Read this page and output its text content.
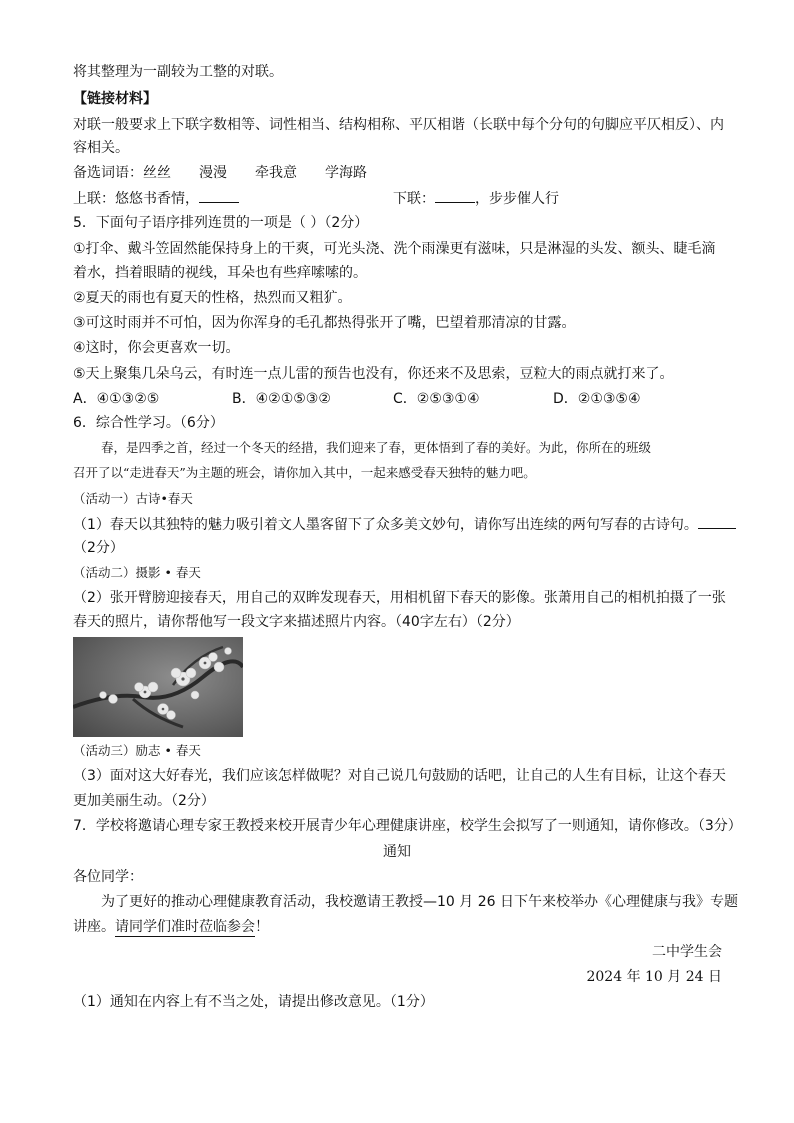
将其整理为一副较为工整的对联。
【链接材料】
对联一般要求上下联字数相等、词性相当、结构相称、平仄相谐（长联中每个分句的句脚应平仄相反）、内
容相关。
备选词语：丝丝 漫漫 牵我意 学海路
上联：悠悠书香情，	下联：	，步步催人行
5．下面句子语序排列连贯的一项是（ ）（2分）
①打伞、戴斗笠固然能保持身上的干爽，可光头浇、洗个雨澡更有滋味，只是淋湿的头发、额头、睫毛滴
着水，挡着眼睛的视线，耳朵也有些痒嗦嗦的。
②夏天的雨也有夏天的性格，热烈而又粗犷。
③可这时雨并不可怕，因为你浑身的毛孔都热得张开了嘴，巴望着那清凉的甘露。
④这时，你会更喜欢一切。
⑤天上聚集几朵乌云，有时连一点儿雷的预告也没有，你还来不及思索，豆粒大的雨点就打来了。
A．④①③②⑤	B．④②①⑤③②	C．②⑤③①④	D．②①③⑤④
6．综合性学习。（6分）
春，是四季之首，经过一个冬天的经措，我们迎来了春，更体悟到了春的美好。为此，你所在的班级
召开了以“走进春天”为主题的班会，请你加入其中，一起来感受春天独特的魅力吧。
（活动一）古诗•春天
（1）春天以其独特的魅力吸引着文人墨客留下了众多美文妙句，请你写出连续的两句写春的古诗句。
（2分）
（活动二）摄影 • 春天
（2）张开臂膀迎接春天，用自己的双眸发现春天，用相机留下春天的影像。张萧用自己的相机拍摄了一张
春天的照片，请你帮他写一段文字来描述照片内容。（40字左右）（2分）
（活动三）励志 • 春天
（3）面对这大好春光，我们应该怎样做呢？对自己说几句鼓励的话吧，让自己的人生有目标，让这个春天
更加美丽生动。（2分）
7．学校将邀请心理专家王教授来校开展青少年心理健康讲座，校学生会拟写了一则通知，请你修改。（3分）
通知
各位同学：
为了更好的推动心理健康教育活动，我校邀请王教授—10 月 26 日下午来校举办《心理健康与我》专题
讲座。请同学们准时莅临参会！
二中学生会
2024 年 10 月 24 日
（1）通知在内容上有不当之处，请提出修改意见。（1分）
